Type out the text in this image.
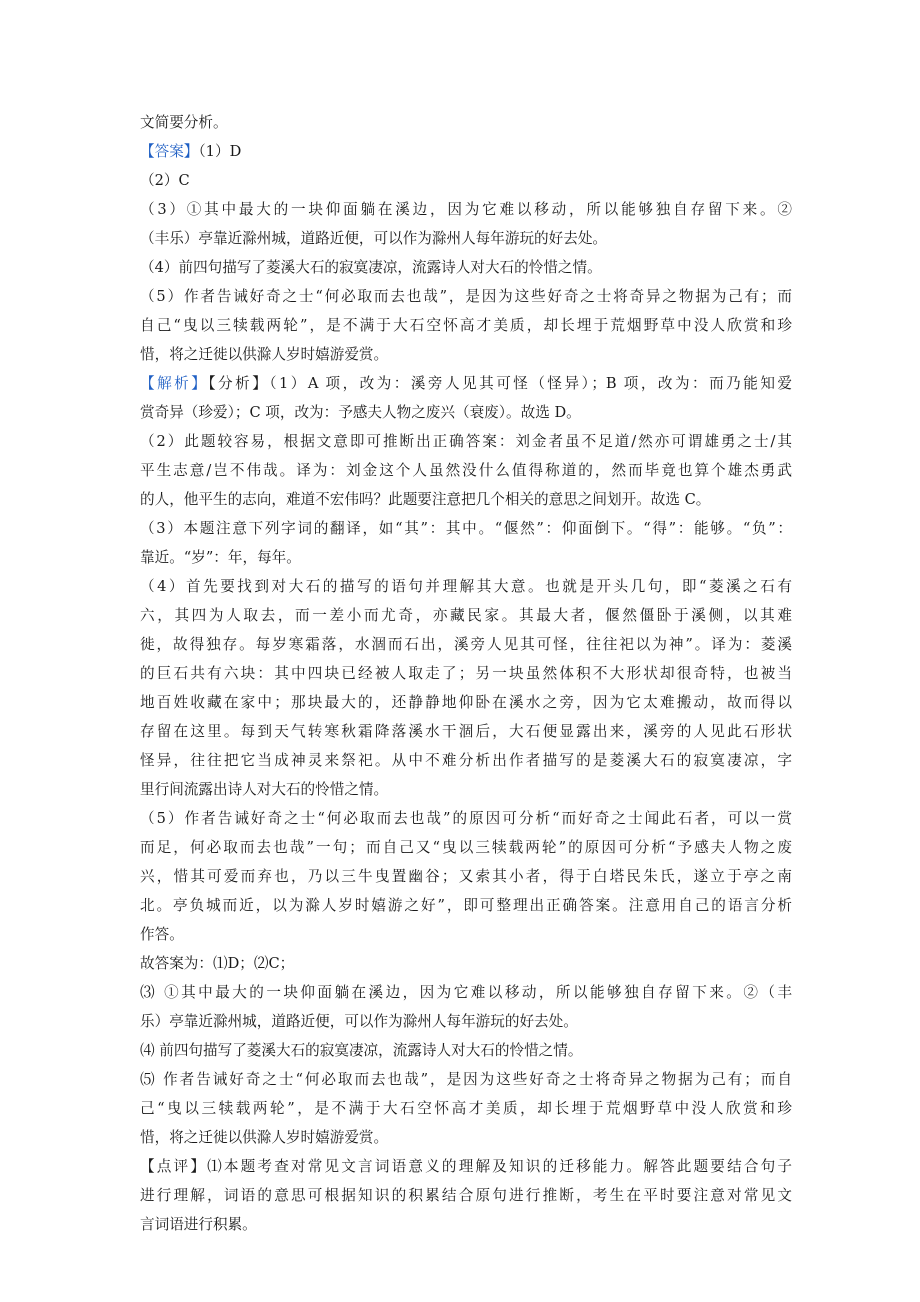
文简要分析。
【答案】（1）D
（2）C
（3）①其中最大的一块仰面躺在溪边，因为它难以移动，所以能够独自存留下来。②
（丰乐）亭靠近滁州城，道路近便，可以作为滁州人每年游玩的好去处。
（4）前四句描写了菱溪大石的寂寞凄凉，流露诗人对大石的怜惜之情。
（5）作者告诫好奇之士“何必取而去也哉”，是因为这些好奇之士将奇异之物据为己有；而
自己“曳以三犊载两轮”，是不满于大石空怀高才美质，却长埋于荒烟野草中没人欣赏和珍
惜，将之迁徙以供滁人岁时嬉游爱赏。
【解析】【分析】（1）A 项，改为：溪旁人见其可怪（怪异）；B 项，改为：而乃能知爱
赏奇异（珍爱）；C 项，改为：予感夫人物之废兴（衰废）。故选 D。
（2）此题较容易，根据文意即可推断出正确答案：刘金者虽不足道/然亦可谓雄勇之士/其
平生志意/岂不伟哉。译为：刘金这个人虽然没什么值得称道的，然而毕竟也算个雄杰勇武
的人，他平生的志向，难道不宏伟吗？此题要注意把几个相关的意思之间划开。故选 C。
（3）本题注意下列字词的翻译，如“其”：其中。“偃然”：仰面倒下。“得”：能够。“负”：
靠近。“岁”：年，每年。
（4）首先要找到对大石的描写的语句并理解其大意。也就是开头几句，即“菱溪之石有
六，其四为人取去，而一差小而尤奇，亦藏民家。其最大者，偃然僵卧于溪侧，以其难
徙，故得独存。每岁寒霜落，水涸而石出，溪旁人见其可怪，往往祀以为神”。译为：菱溪
的巨石共有六块：其中四块已经被人取走了；另一块虽然体积不大形状却很奇特，也被当
地百姓收藏在家中；那块最大的，还静静地仰卧在溪水之旁，因为它太难搬动，故而得以
存留在这里。每到天气转寒秋霜降落溪水干涸后，大石便显露出来，溪旁的人见此石形状
怪异，往往把它当成神灵来祭祀。从中不难分析出作者描写的是菱溪大石的寂寞凄凉，字
里行间流露出诗人对大石的怜惜之情。
（5）作者告诫好奇之士“何必取而去也哉”的原因可分析“而好奇之士闻此石者，可以一赏
而足，何必取而去也哉”一句；而自己又“曳以三犊载两轮”的原因可分析“予感夫人物之废
兴，惜其可爱而弃也，乃以三牛曳置幽谷；又索其小者，得于白塔民朱氏，遂立于亭之南
北。亭负城而近，以为滁人岁时嬉游之好”，即可整理出正确答案。注意用自己的语言分析
作答。
故答案为：⑴D；⑵C；
⑶ ①其中最大的一块仰面躺在溪边，因为它难以移动，所以能够独自存留下来。②（丰
乐）亭靠近滁州城，道路近便，可以作为滁州人每年游玩的好去处。
⑷ 前四句描写了菱溪大石的寂寞凄凉，流露诗人对大石的怜惜之情。
⑸ 作者告诫好奇之士“何必取而去也哉”，是因为这些好奇之士将奇异之物据为己有；而自
己“曳以三犊载两轮”，是不满于大石空怀高才美质，却长埋于荒烟野草中没人欣赏和珍
惜，将之迁徙以供滁人岁时嬉游爱赏。
【点评】⑴本题考查对常见文言词语意义的理解及知识的迁移能力。解答此题要结合句子
进行理解，词语的意思可根据知识的积累结合原句进行推断，考生在平时要注意对常见文
言词语进行积累。
